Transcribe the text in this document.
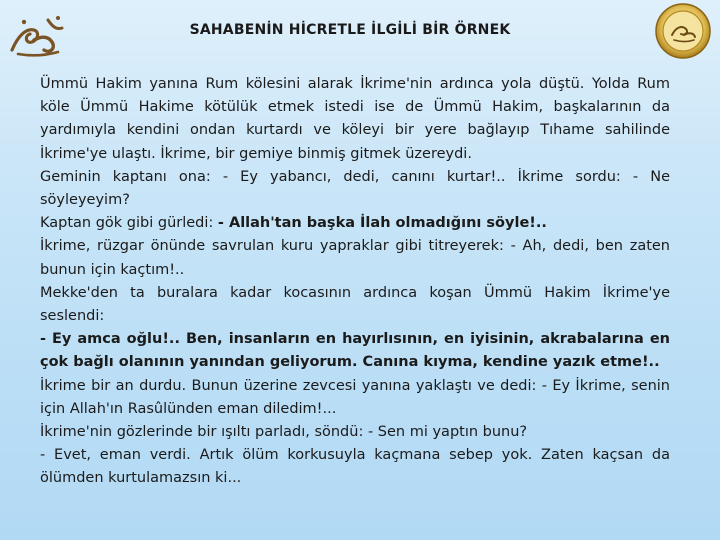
SAHABENİN HİCRETLE İLGİLİ BİR ÖRNEK

Ümmü Hakim yanına Rum kölesini alarak İkrime'nin ardınca yola düştü. Yolda Rum köle Ümmü Hakime kötülük etmek istedi ise de Ümmü Hakim, başkalarının da yardımıyla kendini ondan kurtardı ve köleyi bir yere bağlayıp Tıhame sahilinde İkrime'ye ulaştı. İkrime, bir gemiye binmiş gitmek üzereydi.

Geminin kaptanı ona: - Ey yabancı, dedi, canını kurtar!.. İkrime sordu: - Ne söyleyeyim?

Kaptan gök gibi gürledi: - Allah'tan başka İlah olmadığını söyle!..

İkrime, rüzgar önünde savrulan kuru yapraklar gibi titreyerek: - Ah, dedi, ben zaten bunun için kaçtım!..

Mekke'den ta buralara kadar kocasının ardınca koşan Ümmü Hakim İkrime'ye seslendi:

- Ey amca oğlu!.. Ben, insanların en hayırlısının, en iyisinin, akrabalarına en çok bağlı olanının yanından geliyorum. Canına kıyma, kendine yazık etme!..

İkrime bir an durdu. Bunun üzerine zevcesi yanına yaklaştı ve dedi: - Ey İkrime, senin için Allah'ın Rasûlünden eman diledim!...

İkrime'nin gözlerinde bir ışıltı parladı, söndü: - Sen mi yaptın bunu?

- Evet, eman verdi. Artık ölüm korkusuyla kaçmana sebep yok. Zaten kaçsan da ölümden kurtulamazsın ki...
